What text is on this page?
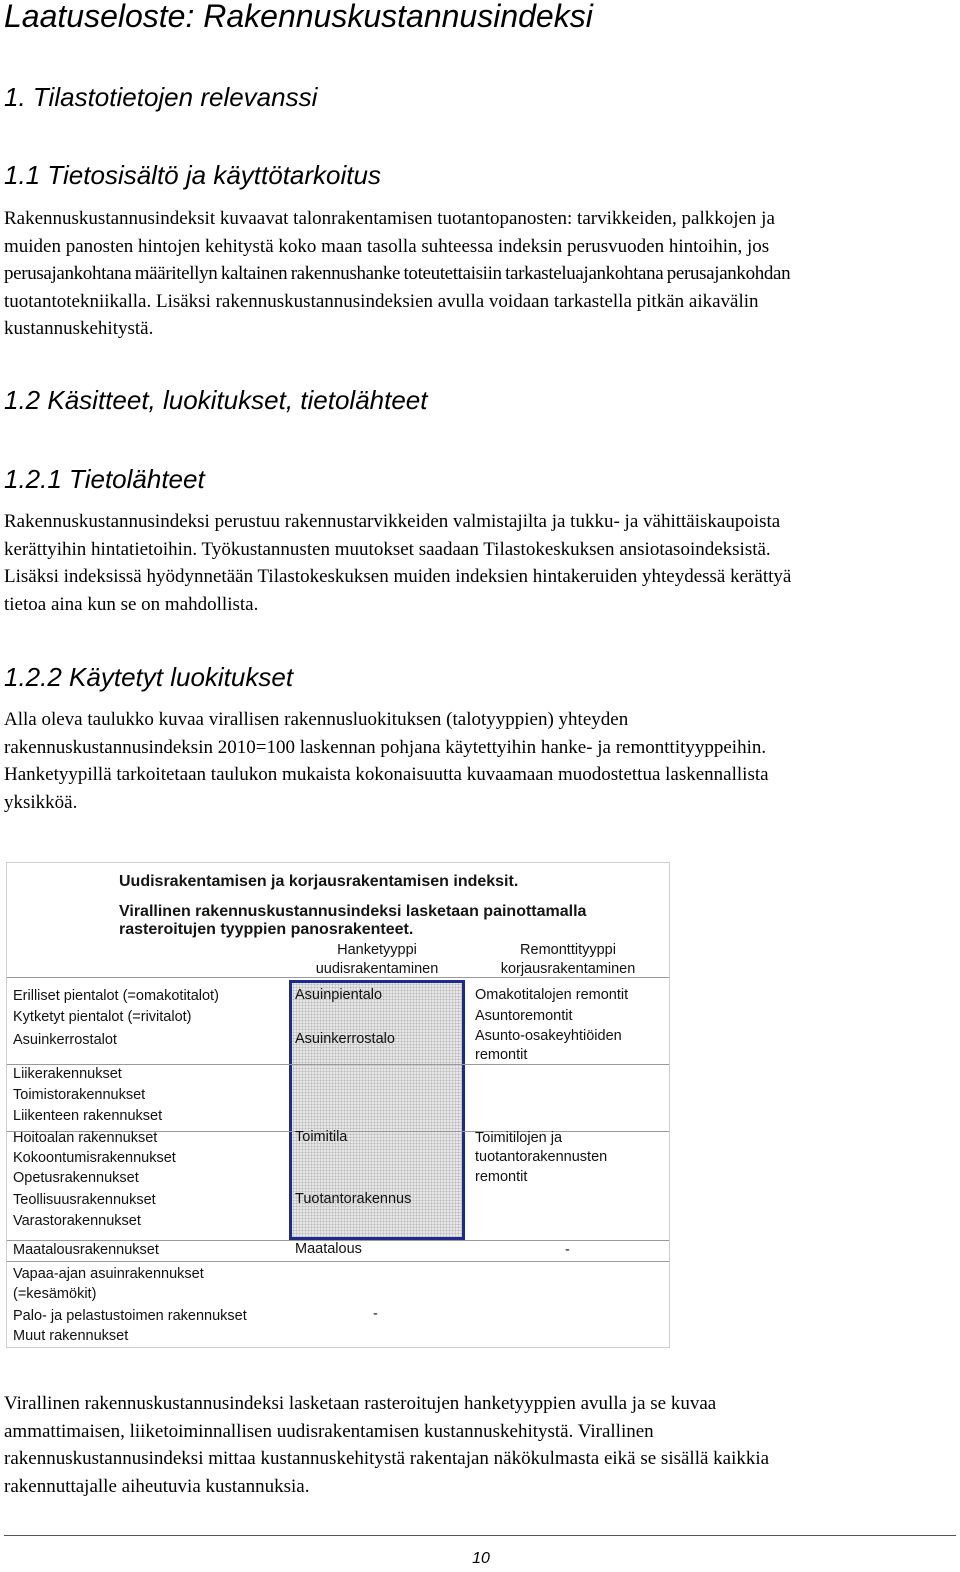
Laatuseloste: Rakennuskustannusindeksi
1. Tilastotietojen relevanssi
1.1 Tietosisältö ja käyttötarkoitus
Rakennuskustannusindeksit kuvaavat talonrakentamisen tuotantopanosten: tarvikkeiden, palkkojen ja
muiden panosten hintojen kehitystä koko maan tasolla suhteessa indeksin perusvuoden hintoihin, jos
perusajankohtana määritellyn kaltainen rakennushanke toteutettaisiin tarkasteluajankohtana perusajankohdan
tuotantotekniikalla. Lisäksi rakennuskustannusindeksien avulla voidaan tarkastella pitkän aikavälin
kustannuskehitystä.
1.2 Käsitteet, luokitukset, tietolähteet
1.2.1 Tietolähteet
Rakennuskustannusindeksi perustuu rakennustarvikkeiden valmistajilta ja tukku- ja vähittäiskaupoista
kerättyihin hintatietoihin. Työkustannusten muutokset saadaan Tilastokeskuksen ansiotasoindeksistä.
Lisäksi indeksissä hyödynnetään Tilastokeskuksen muiden indeksien hintakeruiden yhteydessä kerättyä
tietoa aina kun se on mahdollista.
1.2.2 Käytetyt luokitukset
Alla oleva taulukko kuvaa virallisen rakennusluokituksen (talotyyppien) yhteyden
rakennuskustannusindeksin 2010=100 laskennan pohjana käytettyihin hanke- ja remonttityyppeihin.
Hanketyypillä tarkoitetaan taulukon mukaista kokonaisuutta kuvaamaan muodostettua laskennallista
yksikköä.
Uudisrakentamisen ja korjausrakentamisen indeksit.
Virallinen rakennuskustannusindeksi lasketaan painottamalla
rasteroitujen tyyppien panosrakenteet.
Hanketyyppi
uudisrakentaminen
Remonttityyppi
korjausrakentaminen
Erilliset pientalot (=omakotitalot)
Kytketyt pientalot (=rivitalot)
Asuinkerrostalot
Liikerakennukset
Toimistorakennukset
Liikenteen rakennukset
Hoitoalan rakennukset
Kokoontumisrakennukset
Opetusrakennukset
Teollisuusrakennukset
Varastorakennukset
Maatalousrakennukset
Vapaa-ajan asuinrakennukset
(=kesämökit)
Palo- ja pelastustoimen rakennukset
Muut rakennukset
Asuinpientalo
Asuinkerrostalo
Toimitila
Tuotantorakennus
Maatalous
-
Omakotitalojen remontit
Asuntoremontit
Asunto-osakeyhtiöiden
remontit
Toimitilojen ja
tuotantorakennusten
remontit
-
Virallinen rakennuskustannusindeksi lasketaan rasteroitujen hanketyyppien avulla ja se kuvaa
ammattimaisen, liiketoiminnallisen uudisrakentamisen kustannuskehitystä. Virallinen
rakennuskustannusindeksi mittaa kustannuskehitystä rakentajan näkökulmasta eikä se sisällä kaikkia
rakennuttajalle aiheutuvia kustannuksia.
10
